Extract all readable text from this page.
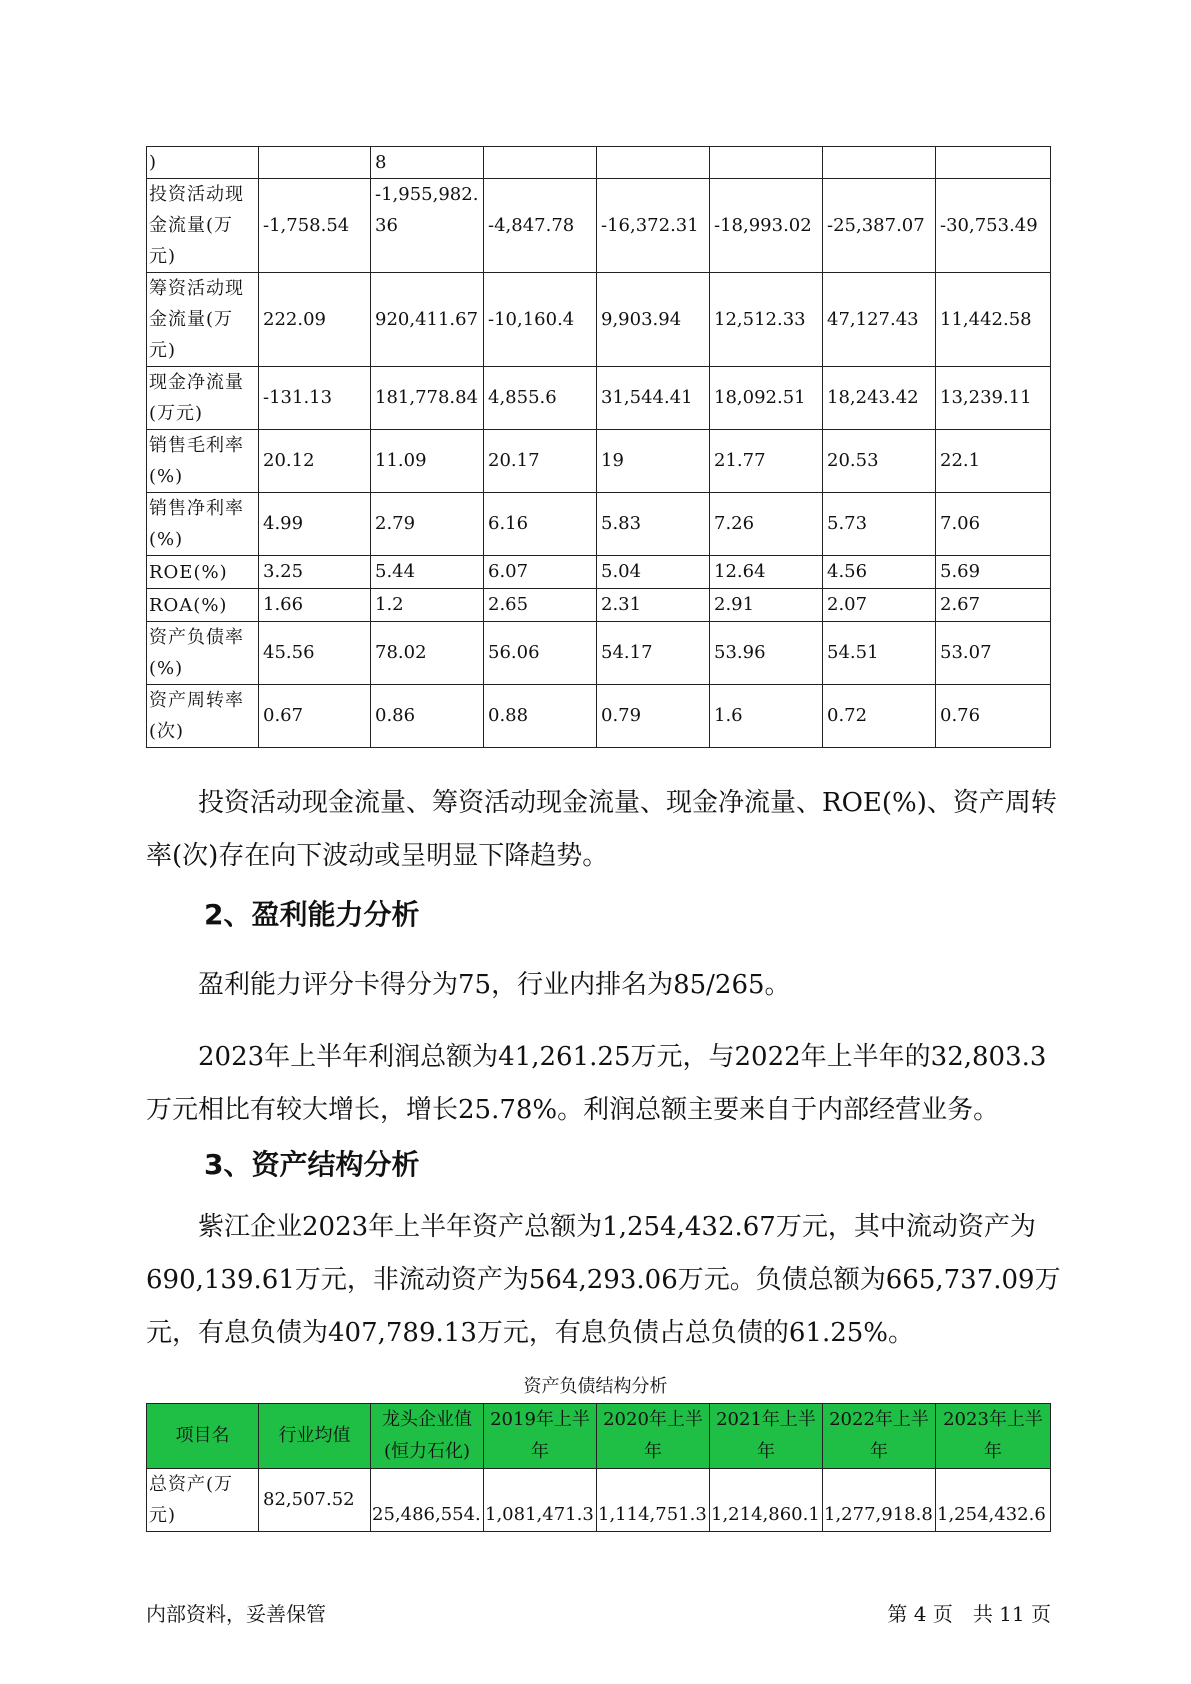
)		8					
投资活动现金流量(万元)	-1,758.54	-1,955,982.36	-4,847.78	-16,372.31	-18,993.02	-25,387.07	-30,753.49
筹资活动现金流量(万元)	222.09	920,411.67	-10,160.4	9,903.94	12,512.33	47,127.43	11,442.58
现金净流量(万元)	-131.13	181,778.84	4,855.6	31,544.41	18,092.51	18,243.42	13,239.11
销售毛利率(%)	20.12	11.09	20.17	19	21.77	20.53	22.1
销售净利率(%)	4.99	2.79	6.16	5.83	7.26	5.73	7.06
ROE(%)	3.25	5.44	6.07	5.04	12.64	4.56	5.69
ROA(%)	1.66	1.2	2.65	2.31	2.91	2.07	2.67
资产负债率(%)	45.56	78.02	56.06	54.17	53.96	54.51	53.07
资产周转率(次)	0.67	0.86	0.88	0.79	1.6	0.72	0.76

投资活动现金流量、筹资活动现金流量、现金净流量、ROE(%)、资产周转率(次)存在向下波动或呈明显下降趋势。

2、盈利能力分析

盈利能力评分卡得分为75，行业内排名为85/265。

2023年上半年利润总额为41,261.25万元，与2022年上半年的32,803.3万元相比有较大增长，增长25.78%。利润总额主要来自于内部经营业务。

3、资产结构分析

紫江企业2023年上半年资产总额为1,254,432.67万元，其中流动资产为690,139.61万元，非流动资产为564,293.06万元。负债总额为665,737.09万元，有息负债为407,789.13万元，有息负债占总负债的61.25%。

资产负债结构分析
项目名	行业均值	龙头企业值(恒力石化)	2019年上半年	2020年上半年	2021年上半年	2022年上半年	2023年上半年
总资产(万元)	82,507.52	25,486,554.	1,081,471.3	1,114,751.3	1,214,860.1	1,277,918.8	1,254,432.6
内部资料，妥善保管	第 4 页　共 11 页
